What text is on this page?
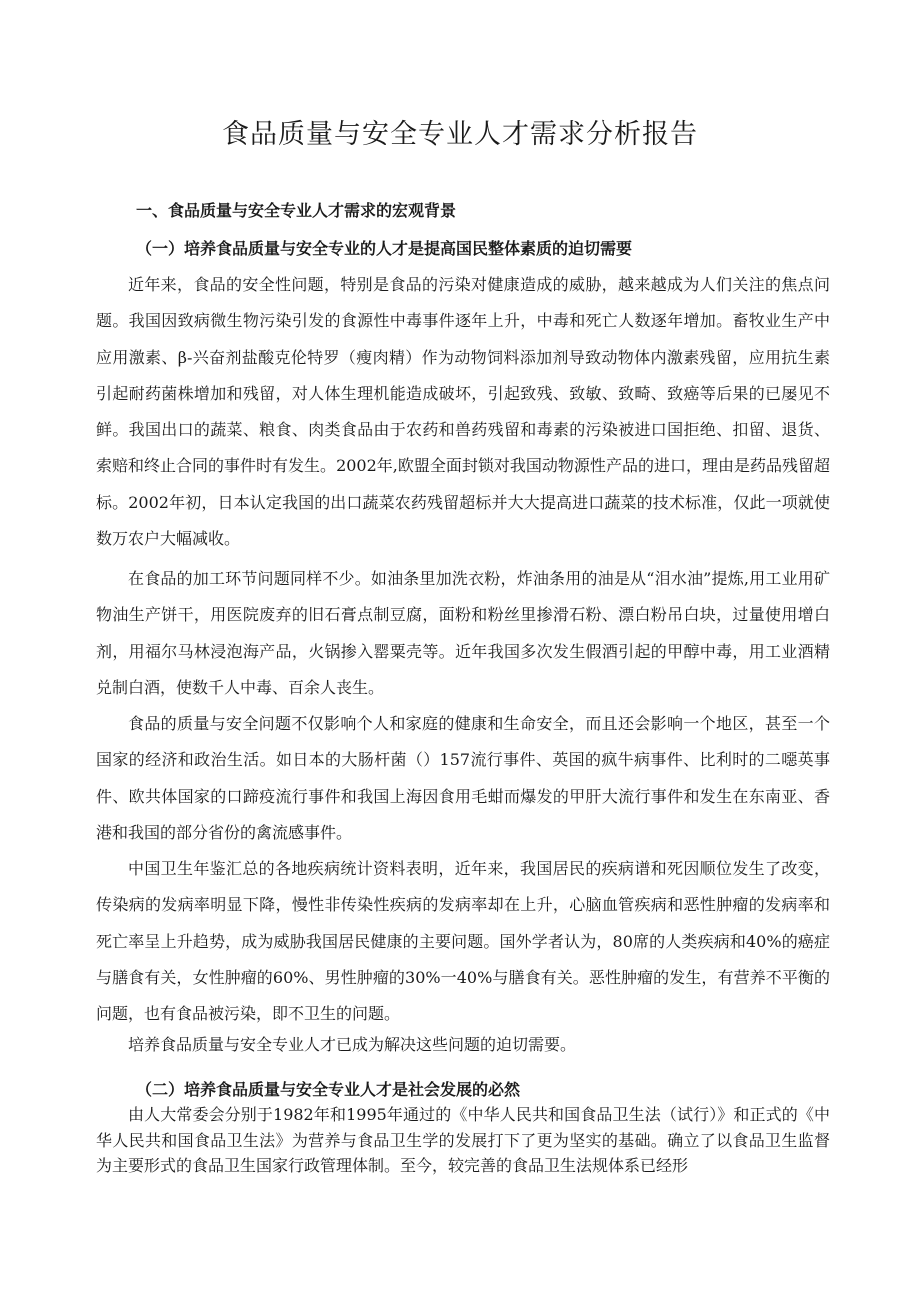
食品质量与安全专业人才需求分析报告
一、食品质量与安全专业人才需求的宏观背景
（一）培养食品质量与安全专业的人才是提高国民整体素质的迫切需要

近年来，食品的安全性问题，特别是食品的污染对健康造成的威胁，越来越成为人们关注的焦点问题。我国因致病微生物污染引发的食源性中毒事件逐年上升，中毒和死亡人数逐年增加。畜牧业生产中应用激素、β-兴奋剂盐酸克伦特罗（瘦肉精）作为动物饲料添加剂导致动物体内激素残留，应用抗生素引起耐药菌株增加和残留，对人体生理机能造成破坏，引起致残、致敏、致畸、致癌等后果的已屡见不鲜。我国出口的蔬菜、粮食、肉类食品由于农药和兽药残留和毒素的污染被进口国拒绝、扣留、退货、索赔和终止合同的事件时有发生。2002年,欧盟全面封锁对我国动物源性产品的进口，理由是药品残留超标。2002年初，日本认定我国的出口蔬菜农药残留超标并大大提高进口蔬菜的技术标准，仅此一项就使数万农户大幅减收。

在食品的加工环节问题同样不少。如油条里加洗衣粉，炸油条用的油是从“泪水油”提炼,用工业用矿物油生产饼干，用医院废弃的旧石膏点制豆腐，面粉和粉丝里掺滑石粉、漂白粉吊白块，过量使用增白剂，用福尔马林浸泡海产品，火锅掺入罂粟壳等。近年我国多次发生假酒引起的甲醇中毒，用工业酒精兑制白酒，使数千人中毒、百余人丧生。

食品的质量与安全问题不仅影响个人和家庭的健康和生命安全，而且还会影响一个地区，甚至一个国家的经济和政治生活。如日本的大肠杆菌（）157流行事件、英国的疯牛病事件、比利时的二噁英事件、欧共体国家的口蹄疫流行事件和我国上海因食用毛蚶而爆发的甲肝大流行事件和发生在东南亚、香港和我国的部分省份的禽流感事件。

中国卫生年鉴汇总的各地疾病统计资料表明，近年来，我国居民的疾病谱和死因顺位发生了改变，传染病的发病率明显下降，慢性非传染性疾病的发病率却在上升，心脑血管疾病和恶性肿瘤的发病率和死亡率呈上升趋势，成为威胁我国居民健康的主要问题。国外学者认为，80席的人类疾病和40%的癌症与膳食有关，女性肿瘤的60%、男性肿瘤的30%一40%与膳食有关。恶性肿瘤的发生，有营养不平衡的问题，也有食品被污染，即不卫生的问题。

培养食品质量与安全专业人才已成为解决这些问题的迫切需要。

（二）培养食品质量与安全专业人才是社会发展的必然

由人大常委会分别于1982年和1995年通过的《中华人民共和国食品卫生法（试行）》和正式的《中华人民共和国食品卫生法》为营养与食品卫生学的发展打下了更为坚实的基础。确立了以食品卫生监督为主要形式的食品卫生国家行政管理体制。至今，较完善的食品卫生法规体系已经形
